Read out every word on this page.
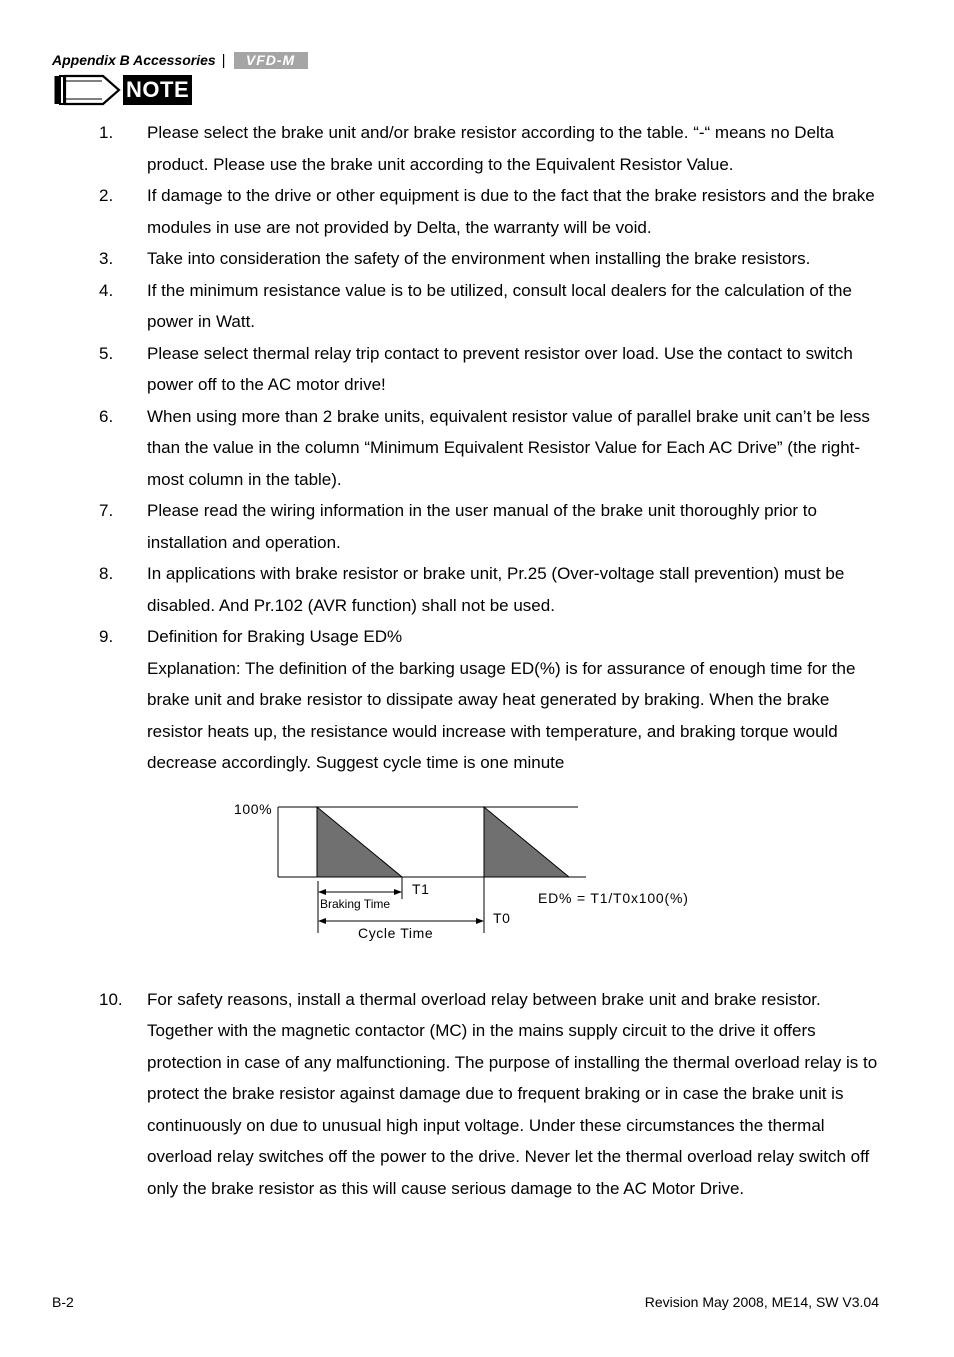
Appendix B Accessories |	VFD-M
NOTE
1. Please select the brake unit and/or brake resistor according to the table. “-“ means no Delta product. Please use the brake unit according to the Equivalent Resistor Value.
2. If damage to the drive or other equipment is due to the fact that the brake resistors and the brake modules in use are not provided by Delta, the warranty will be void.
3. Take into consideration the safety of the environment when installing the brake resistors.
4. If the minimum resistance value is to be utilized, consult local dealers for the calculation of the power in Watt.
5. Please select thermal relay trip contact to prevent resistor over load. Use the contact to switch power off to the AC motor drive!
6. When using more than 2 brake units, equivalent resistor value of parallel brake unit can’t be less than the value in the column “Minimum Equivalent Resistor Value for Each AC Drive” (the right-most column in the table).
7. Please read the wiring information in the user manual of the brake unit thoroughly prior to installation and operation.
8. In applications with brake resistor or brake unit, Pr.25 (Over-voltage stall prevention) must be disabled. And Pr.102 (AVR function) shall not be used.
9. Definition for Braking Usage ED%
Explanation: The definition of the barking usage ED(%) is for assurance of enough time for the brake unit and brake resistor to dissipate away heat generated by braking. When the brake resistor heats up, the resistance would increase with temperature, and braking torque would decrease accordingly. Suggest cycle time is one minute
100%
T1
Braking Time
T0
Cycle Time
ED% = T1/T0x100(%)
10. For safety reasons, install a thermal overload relay between brake unit and brake resistor. Together with the magnetic contactor (MC) in the mains supply circuit to the drive it offers protection in case of any malfunctioning. The purpose of installing the thermal overload relay is to protect the brake resistor against damage due to frequent braking or in case the brake unit is continuously on due to unusual high input voltage. Under these circumstances the thermal overload relay switches off the power to the drive. Never let the thermal overload relay switch off only the brake resistor as this will cause serious damage to the AC Motor Drive.
B-2	Revision May 2008, ME14, SW V3.04
